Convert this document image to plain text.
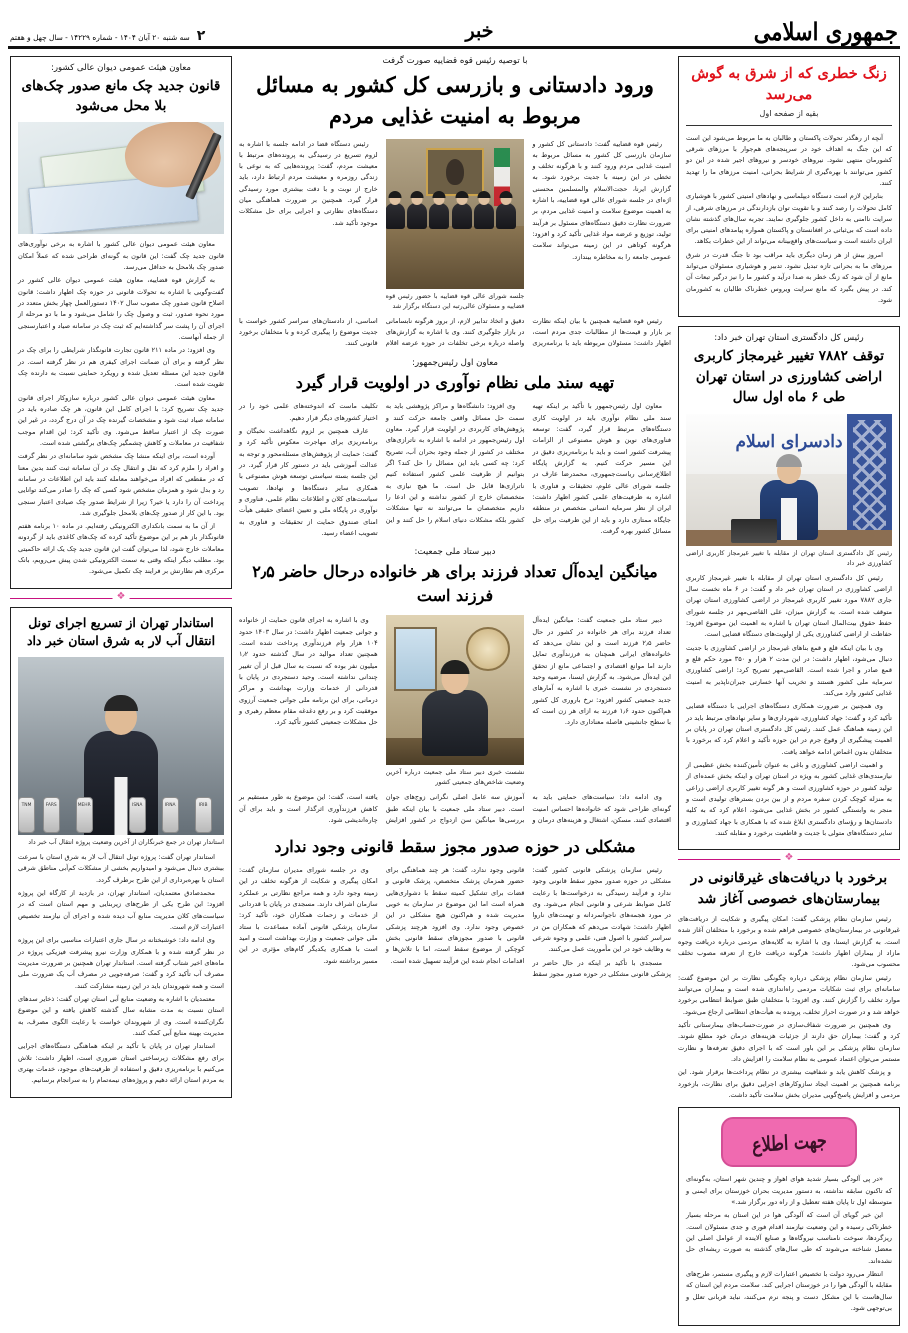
جمهوری اسلامی
خبر
۲
سه شنبه ۲۰ آبان ۱۴۰۴ - شماره ۱۴۲۲۹ - سال چهل و هفتم
زنگ خطری که از شرق به گوش می‌رسد
بقیه از صفحه اول

آنچه از رهگذر تحولات پاکستان و طالبان به ما مربوط می‌شود این است که این جنگ به اهداف خود در سرپنجه‌های هم‌جوار با مرزهای شرقی کشورمان منتهی نشود. نیروهای خودسر و نیروهای اجیر شده در این دو کشور می‌توانند با بهره‌گیری از شرایط بحرانی، امنیت مرزهای ما را تهدید کنند.

بنابراین لازم است دستگاه دیپلماسی و نهادهای امنیتی کشور با هوشیاری کامل تحولات را رصد کنند و با تقویت توان بازدارندگی در مرزهای شرقی، از سرایت ناامنی به داخل کشور جلوگیری نمایند. تجربه سال‌های گذشته نشان داده است که بی‌ثباتی در افغانستان و پاکستان همواره پیامدهای امنیتی برای ایران داشته است و سیاست‌های واقع‌بینانه می‌تواند از این خطرات بکاهد.

امروز بیش از هر زمان دیگری باید مراقب بود تا جنگ قدرت در شرق مرزهای ما به بحرانی تازه تبدیل نشود. تدبیر و هوشیاری مسئولان می‌تواند مانع از آن شود که زنگ خطر به صدا درآید و کشور ما را نیز درگیر تبعات آن کند. در پیش بگیرد که مانع سرایت ویروس خطرناک طالبان به کشورمان شود.

رئیس کل دادگستری استان تهران خبر داد:
توقف ۷۸۸۲ تغییر غیرمجاز کاربری اراضی کشاورزی در استان تهران طی ۶ ماه اول سال
دادسرای اسلام
رئیس کل دادگستری استان تهران از مقابله با تغییر غیرمجاز کاربری اراضی کشاورزی خبر داد

رئیس کل دادگستری استان تهران از مقابله با تغییر غیرمجاز کاربری اراضی کشاورزی در استان تهران خبر داد و گفت: در ۶ ماه نخست سال جاری ۷۸۸۲ مورد تغییر کاربری غیرمجاز در اراضی کشاورزی استان تهران متوقف شده است. به گزارش میزان، علی القاصی‌مهر در جلسه شورای حفظ حقوق بیت‌المال استان تهران با اشاره به اهمیت این موضوع افزود: حفاظت از اراضی کشاورزی یکی از اولویت‌های دستگاه قضایی است.

وی با بیان اینکه قلع و قمع بناهای غیرمجاز در اراضی کشاورزی با جدیت دنبال می‌شود، اظهار داشت: در این مدت ۲ هزار و ۳۵۰ مورد حکم قلع و قمع صادر و اجرا شده است. القاصی‌مهر تصریح کرد: اراضی کشاورزی سرمایه ملی کشور هستند و تخریب آنها خسارتی جبران‌ناپذیر به امنیت غذایی کشور وارد می‌کند.

وی همچنین بر ضرورت همکاری دستگاه‌های اجرایی با دستگاه قضایی تأکید کرد و گفت: جهاد کشاورزی، شهرداری‌ها و سایر نهادهای مرتبط باید در این زمینه هماهنگ عمل کنند. رئیس کل دادگستری استان تهران در پایان بر اهمیت پیشگیری از وقوع جرم در این حوزه تأکید و اعلام کرد که برخورد با متخلفان بدون اغماض ادامه خواهد یافت.

و اهمیت اراضی کشاورزی و باغی به عنوان تأمین‌کننده بخش عظیمی از نیازمندی‌های غذایی کشور به ویژه در استان تهران و اینکه بخش عمده‌ای از تولید کشور در حوزه کشاورزی است و هر گونه تغییر کاربری اراضی زراعی به منزله کوچک کردن سفره مردم و از بین بردن بسترهای تولیدی است و منجر به وابستگی کشور در بخش غذایی می‌شود، اعلام کرد که به کلیه دادستان‌ها و رؤسای دادگستری ابلاغ شده که با همکاری با جهاد کشاورزی و سایر دستگاه‌های متولی با جدیت و قاطعیت برخورد و مقابله کنند.

❖
برخورد با دریافت‌های غیرقانونی در بیمارستان‌های خصوصی آغاز شد

رئیس سازمان نظام پزشکی گفت: امکان پیگیری و شکایت از دریافت‌های غیرقانونی در بیمارستان‌های خصوصی فراهم شده و برخورد با متخلفان آغاز شده است. به گزارش ایسنا، وی با اشاره به گلایه‌های مردمی درباره دریافت وجوه مازاد از بیماران اظهار داشت: هرگونه دریافت خارج از تعرفه مصوب تخلف محسوب می‌شود.

رئیس سازمان نظام پزشکی درباره چگونگی نظارت بر این موضوع گفت: سامانه‌ای برای ثبت شکایات مردمی راه‌اندازی شده است و بیماران می‌توانند موارد تخلف را گزارش کنند. وی افزود: با متخلفان طبق ضوابط انتظامی برخورد خواهد شد و در صورت احراز تخلف، پرونده به هیأت‌های انتظامی ارجاع می‌شود.

وی همچنین بر ضرورت شفاف‌سازی در صورت‌حساب‌های بیمارستانی تأکید کرد و گفت: بیماران حق دارند از جزئیات هزینه‌های درمان خود مطلع شوند. سازمان نظام پزشکی بر این باور است که با اجرای دقیق تعرفه‌ها و نظارت مستمر می‌توان اعتماد عمومی به نظام سلامت را افزایش داد.

و پزشک کاهش یابد و شفافیت بیشتری در نظام پرداخت‌ها برقرار شود. این برنامه همچنین بر اهمیت ایجاد سازوکارهای اجرایی دقیق برای نظارت، بازخورد مردمی و افزایش پاسخ‌گویی مدیران بخش سلامت تأکید داشت.

جهت اطلاع

«در پی آلودگی بسیار شدید هوای اهواز و چندین شهر استان، به‌گونه‌ای که تاکنون سابقه نداشته، به دستور مدیریت بحران خوزستان برای ایمنی و متوسطه اول تا پایان هفته تعطیل و از راه دور برگزار شد.»

این خبر گویای آن است که آلودگی هوا در این استان به مرحله بسیار خطرناکی رسیده و این وضعیت نیازمند اقدام فوری و جدی مسئولان است. ریزگردها، سوخت نامناسب نیروگاه‌ها و صنایع آلاینده از عوامل اصلی این معضل شناخته می‌شوند که طی سال‌های گذشته به صورت ریشه‌ای حل نشده‌اند.

انتظار می‌رود دولت با تخصیص اعتبارات لازم و پیگیری مستمر، طرح‌های مقابله با آلودگی هوا را در خوزستان اجرایی کند. سلامت مردم این استان که سال‌هاست با این مشکل دست و پنجه نرم می‌کنند، نباید قربانی تعلل و بی‌توجهی شود.

با توصیه رئیس قوه قضاییه صورت گرفت
ورود دادستانی و بازرسی کل کشور به مسائل مربوط به امنیت غذایی مردم

رئیس قوه قضاییه گفت: دادستانی کل کشور و سازمان بازرسی کل کشور به مسائل مربوط به امنیت غذایی مردم ورود کنند و با هرگونه تخلف و تخطی در این زمینه با جدیت برخورد شود. به گزارش ایرنا، حجت‌الاسلام والمسلمین محسنی اژه‌ای در جلسه شورای عالی قوه قضاییه، با اشاره به اهمیت موضوع سلامت و امنیت غذایی مردم، بر ضرورت نظارت دقیق دستگاه‌های مسئول بر فرآیند تولید، توزیع و عرضه مواد غذایی تأکید کرد و افزود: هرگونه کوتاهی در این زمینه می‌تواند سلامت عمومی جامعه را به مخاطره بیندازد.

جلسه شورای عالی قوه قضاییه با حضور رئیس قوه قضاییه و مسئولان عالی‌رتبه این دستگاه برگزار شد

رئیس دستگاه قضا در ادامه جلسه با اشاره به لزوم تسریع در رسیدگی به پرونده‌های مرتبط با معیشت مردم، گفت: پرونده‌هایی که به نوعی با زندگی روزمره و معیشت مردم ارتباط دارد، باید خارج از نوبت و با دقت بیشتری مورد رسیدگی قرار گیرد. همچنین بر ضرورت هماهنگی میان دستگاه‌های نظارتی و اجرایی برای حل مشکلات موجود تأکید شد.

رئیس قوه قضاییه همچنین با بیان اینکه نظارت بر بازار و قیمت‌ها از مطالبات جدی مردم است، اظهار داشت: مسئولان مربوطه باید با برنامه‌ریزی دقیق و اتخاذ تدابیر لازم، از بروز هرگونه نابسامانی در بازار جلوگیری کنند. وی با اشاره به گزارش‌های واصله درباره برخی تخلفات در حوزه عرضه اقلام اساسی، از دادستان‌های سراسر کشور خواست با جدیت موضوع را پیگیری کرده و با متخلفان برخورد قانونی کنند.

معاون اول رئیس‌جمهور:
تهیه سند ملی نظام نوآوری در اولویت قرار گیرد

معاون اول رئیس‌جمهور با تأکید بر اینکه تهیه سند ملی نظام نوآوری باید در اولویت کاری دستگاه‌های مرتبط قرار گیرد، گفت: توسعه فناوری‌های نوین و هوش مصنوعی از الزامات پیشرفت کشور است و باید با برنامه‌ریزی دقیق در این مسیر حرکت کنیم. به گزارش پایگاه اطلاع‌رسانی ریاست‌جمهوری، محمدرضا عارف در جلسه شورای عالی علوم، تحقیقات و فناوری با اشاره به ظرفیت‌های علمی کشور اظهار داشت: ایران از نظر سرمایه انسانی متخصص در منطقه جایگاه ممتازی دارد و باید از این ظرفیت برای حل مسائل کشور بهره گرفت.

وی افزود: دانشگاه‌ها و مراکز پژوهشی باید به سمت حل مسائل واقعی جامعه حرکت کنند و پژوهش‌های کاربردی در اولویت قرار گیرد. معاون اول رئیس‌جمهور در ادامه با اشاره به ناترازی‌های مختلف در کشور از جمله وجود بحران آب، تصریح کرد: چه کسی باید این مسائل را حل کند؟ اگر بتوانیم از ظرفیت علمی کشور استفاده کنیم ناترازی‌ها قابل حل است. ما هیچ نیازی به متخصصان خارج از کشور نداشته و این ادعا را داریم متخصصان ما می‌توانند نه تنها مشکلات کشور بلکه مشکلات دنیای اسلام را حل کنند و این تکلیف ماست که اندوخته‌های علمی خود را در اختیار کشورهای دیگر قرار دهیم.

عارف همچنین بر لزوم نگاهداشت نخبگان و برنامه‌ریزی برای مهاجرت معکوس تأکید کرد و گفت: حمایت از پژوهش‌های مسئله‌محور و توجه به عدالت آموزشی باید در دستور کار قرار گیرد. در این جلسه بسته سیاستی توسعه هوش مصنوعی با همکاری سایر دستگاه‌ها و نهادها، تصویب سیاست‌های کلان و اطلاعات نظام علمی، فناوری و نوآوری در پایگاه ملی و تعیین اعضای حقیقی هیأت امنای صندوق حمایت از تحقیقات و فناوری به تصویب اعضاء رسید.

دبیر ستاد ملی جمعیت:
میانگین ایده‌آل تعداد فرزند برای هر خانواده درحال حاضر ۲٫۵ فرزند است

دبیر ستاد ملی جمعیت گفت: میانگین ایده‌آل تعداد فرزند برای هر خانواده در کشور در حال حاضر ۲٫۵ فرزند است و این نشان می‌دهد که خانواده‌های ایرانی همچنان به فرزندآوری تمایل دارند اما موانع اقتصادی و اجتماعی مانع از تحقق این ایده‌آل می‌شود. به گزارش ایسنا، مرضیه وحید دستجردی در نشست خبری با اشاره به آمارهای جدید جمعیتی کشور افزود: نرخ باروری کل کشور هم‌اکنون حدود ۱٫۶ فرزند به ازای هر زن است که با سطح جانشینی فاصله معناداری دارد.

نشست خبری دبیر ستاد ملی جمعیت درباره آخرین وضعیت شاخص‌های جمعیتی کشور

وی با اشاره به اجرای قانون حمایت از خانواده و جوانی جمعیت اظهار داشت: در سال ۱۴۰۳ حدود ۱۰۴ هزار وام فرزندآوری پرداخت شده است. همچنین تعداد موالید در سال گذشته حدود ۱٫۲ میلیون نفر بوده که نسبت به سال قبل از آن تغییر چندانی نداشته است. وحید دستجردی در پایان با قدردانی از خدمات وزارت بهداشت و مراکز درمانی، برای این برنامه ملی جوانی جمعیت آرزوی موفقیت کرد و بر رفع دغدغه مقام معظم رهبری و حل مشکلات جمعیتی کشور تأکید کرد.

وی ادامه داد: سیاست‌های حمایتی باید به گونه‌ای طراحی شود که خانواده‌ها احساس امنیت اقتصادی کنند. مسکن، اشتغال و هزینه‌های درمان و آموزش سه عامل اصلی نگرانی زوج‌های جوان است. دبیر ستاد ملی جمعیت با بیان اینکه طبق بررسی‌ها میانگین سن ازدواج در کشور افزایش یافته است، گفت: این موضوع به طور مستقیم بر کاهش فرزندآوری اثرگذار است و باید برای آن چاره‌اندیشی شود.

مشکلی در حوزه صدور مجوز سقط قانونی وجود ندارد

رئیس سازمان پزشکی قانونی کشور گفت: مشکلی در حوزه صدور مجوز سقط قانونی وجود ندارد و فرآیند رسیدگی به درخواست‌ها با رعایت کامل ضوابط شرعی و قانونی انجام می‌شود. وی در مورد هجمه‌های ناجوانمردانه و تهمت‌های ناروا اظهار داشت: شهادت می‌دهم که همکاران من در سراسر کشور با اصول فنی، علمی و وجوه شرعی به وظایف خود در این مأموریت عمل می‌کنند.

مسجدی با تأکید بر اینکه در حال حاضر در پزشکی قانونی مشکلی در حوزه صدور مجوز سقط قانونی وجود ندارد، گفت: هر چند هماهنگی برای حضور همزمان پزشک متخصص، پزشک قانونی و قضات برای تشکیل کمیته سقط با دشواری‌هایی همراه است اما این موضوع در سازمان به خوبی مدیریت شده و هم‌اکنون هیچ مشکلی در این خصوص وجود ندارد. وی افزود هرچند پزشکی قانونی با صدور مجوزهای سقط قانونی بخش کوچکی از موضوع سقط است، اما با تلاش‌ها و اقدامات انجام شده این فرآیند تسهیل شده است.

وی در جلسه شورای مدیران سازمان گفت: امکان پیگیری و شکایت از هرگونه تخلف در این زمینه وجود دارد و همه مراجع نظارتی بر عملکرد سازمان اشراف دارند. مسجدی در پایان با قدردانی از خدمات و زحمات همکاران خود، تأکید کرد: سازمان پزشکی قانونی آماده مساعدت با ستاد ملی جوانی جمعیت و وزارت بهداشت است و امید است با همکاری یکدیگر گام‌های مؤثری در این مسیر برداشته شود.

معاون هیئت عمومی دیوان عالی کشور:
قانون جدید چک مانع صدور چک‌های بلا محل می‌شود

معاون هیئت عمومی دیوان عالی کشور با اشاره به برخی نوآوری‌های قانون جدید چک گفت: این قانون به گونه‌ای طراحی شده که عملاً امکان صدور چک بلامحل به حداقل می‌رسد.

به گزارش قوه قضاییه، معاون هیئت عمومی دیوان عالی کشور در گفت‌وگویی با اشاره به تحولات قانونی در حوزه چک اظهار داشت: قانون اصلاح قانون صدور چک مصوب سال ۱۴۰۲ دستورالعمل چهار بخش متعدد در مورد نحوه صدور، ثبت و وصول چک را شامل می‌شود و ما با دو مرحله از اجرای آن را پشت سر گذاشته‌ایم که ثبت چک در سامانه صیاد و اعتبارسنجی از جمله آنهاست.

وی افزود: در ماده ۲۱۱ قانون تجارت قانونگذار شرایطی را برای چک در نظر گرفته و برای آن ضمانت اجرای کیفری هم در نظر گرفته است. در قانون جدید این مسئله تعدیل شده و رویکرد حمایتی نسبت به دارنده چک تقویت شده است.

معاون هیئت عمومی دیوان عالی کشور درباره سازوکار اجرای قانون جدید چک تصریح کرد: با اجرای کامل این قانون، هر چک صادره باید در سامانه صیاد ثبت شود و مشخصات گیرنده چک در آن درج گردد، در غیر این صورت چک از اعتبار ساقط می‌شود. وی تأکید کرد: این اقدام موجب شفافیت در معاملات و کاهش چشمگیر چک‌های برگشتی شده است.

آورده است، برای اینکه منشا چک مشخص شود سامانه‌ای در نظر گرفت و افراد را ملزم کرد که نقل و انتقال چک در آن سامانه ثبت کنند بدین معنا که در مقطعی که افراد می‌خواهند معامله کنند باید این اطلاعات در سامانه رد و بدل شود و همزمان مشخص شود کسی که چک را صادر می‌کند توانایی پرداخت آن را دارد یا خیر؟ زیرا از شرایط صدور چک صیادی اعتبار سنجی بود. با این کار از صدور چک‌های بلامحل جلوگیری شد.

از آن ما به سمت بانکداری الکترونیکی رفته‌ایم. در ماده ۱۰ برنامه هفتم قانونگذار باز هم بر این موضوع تأکید کرده که چک‌های کاغذی باید از گردونه معاملات خارج شود، لذا می‌توان گفت این قانون جدید چک یک ارائه حاکمیتی بود. مطلب دیگر اینکه وقتی به سمت الکترونیکی شدن پیش می‌رویم، بانک مرکزی هم نظارتش بر فرایند چک تکمیل می‌شود.

❖
استاندار تهران از تسریع اجرای تونل انتقال آب لار به شرق استان خبر داد
IRIB
IRNA
ISNA
MEHR
FARS
TNM
استاندار تهران در جمع خبرنگاران از آخرین وضعیت پروژه انتقال آب خبر داد

استاندار تهران گفت: پروژه تونل انتقال آب لار به شرق استان با سرعت بیشتری دنبال می‌شود و امیدواریم بخشی از مشکلات کم‌آبی مناطق شرقی استان با بهره‌برداری از این طرح برطرف گردد.

محمدصادق معتمدیان، استاندار تهران، در بازدید از کارگاه این پروژه افزود: این طرح یکی از طرح‌های زیربنایی و مهم استان است که در سیاست‌های کلان مدیریت منابع آب دیده شده و اجرای آن نیازمند تخصیص اعتبارات لازم است.

وی ادامه داد: خوشبختانه در سال جاری اعتبارات مناسبی برای این پروژه در نظر گرفته شده و با همکاری وزارت نیرو پیشرفت فیزیکی پروژه در ماه‌های اخیر شتاب گرفته است. استاندار تهران همچنین بر ضرورت مدیریت مصرف آب تأکید کرد و گفت: صرفه‌جویی در مصرف آب یک ضرورت ملی است و همه شهروندان باید در این زمینه مشارکت کنند.

معتمدیان با اشاره به وضعیت منابع آبی استان تهران گفت: ذخایر سدهای استان نسبت به مدت مشابه سال گذشته کاهش یافته و این موضوع نگران‌کننده است. وی از شهروندان خواست با رعایت الگوی مصرف، به مدیریت بهینه منابع آبی کمک کنند.

استاندار تهران در پایان با تأکید بر اینکه هماهنگی دستگاه‌های اجرایی برای رفع مشکلات زیرساختی استان ضروری است، اظهار داشت: تلاش می‌کنیم با برنامه‌ریزی دقیق و استفاده از ظرفیت‌های موجود، خدمات بهتری به مردم استان ارائه دهیم و پروژه‌های نیمه‌تمام را به سرانجام برسانیم.
